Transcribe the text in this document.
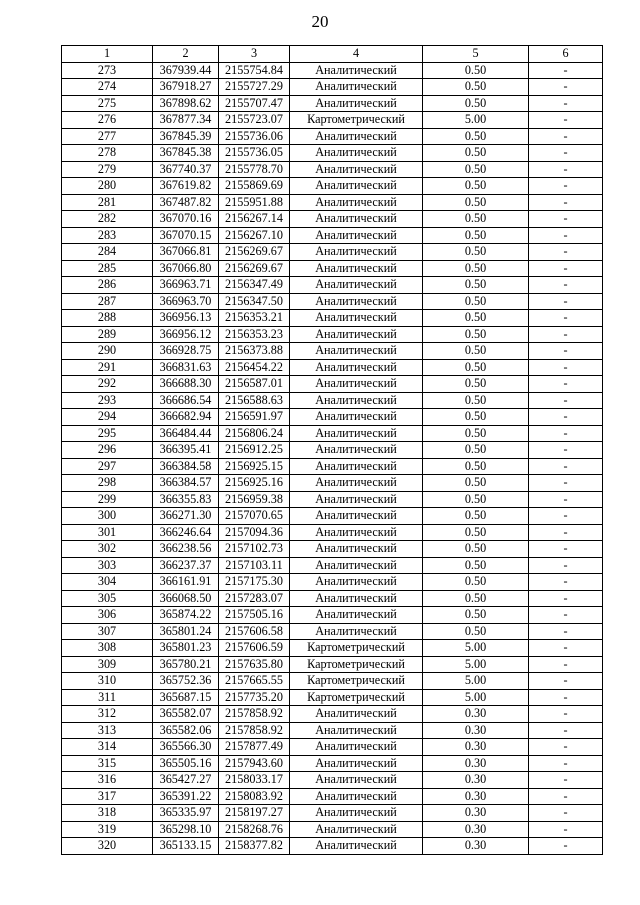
20
1	2	3	4	5	6
273	367939.44	2155754.84	Аналитический	0.50	-
274	367918.27	2155727.29	Аналитический	0.50	-
275	367898.62	2155707.47	Аналитический	0.50	-
276	367877.34	2155723.07	Картометрический	5.00	-
277	367845.39	2155736.06	Аналитический	0.50	-
278	367845.38	2155736.05	Аналитический	0.50	-
279	367740.37	2155778.70	Аналитический	0.50	-
280	367619.82	2155869.69	Аналитический	0.50	-
281	367487.82	2155951.88	Аналитический	0.50	-
282	367070.16	2156267.14	Аналитический	0.50	-
283	367070.15	2156267.10	Аналитический	0.50	-
284	367066.81	2156269.67	Аналитический	0.50	-
285	367066.80	2156269.67	Аналитический	0.50	-
286	366963.71	2156347.49	Аналитический	0.50	-
287	366963.70	2156347.50	Аналитический	0.50	-
288	366956.13	2156353.21	Аналитический	0.50	-
289	366956.12	2156353.23	Аналитический	0.50	-
290	366928.75	2156373.88	Аналитический	0.50	-
291	366831.63	2156454.22	Аналитический	0.50	-
292	366688.30	2156587.01	Аналитический	0.50	-
293	366686.54	2156588.63	Аналитический	0.50	-
294	366682.94	2156591.97	Аналитический	0.50	-
295	366484.44	2156806.24	Аналитический	0.50	-
296	366395.41	2156912.25	Аналитический	0.50	-
297	366384.58	2156925.15	Аналитический	0.50	-
298	366384.57	2156925.16	Аналитический	0.50	-
299	366355.83	2156959.38	Аналитический	0.50	-
300	366271.30	2157070.65	Аналитический	0.50	-
301	366246.64	2157094.36	Аналитический	0.50	-
302	366238.56	2157102.73	Аналитический	0.50	-
303	366237.37	2157103.11	Аналитический	0.50	-
304	366161.91	2157175.30	Аналитический	0.50	-
305	366068.50	2157283.07	Аналитический	0.50	-
306	365874.22	2157505.16	Аналитический	0.50	-
307	365801.24	2157606.58	Аналитический	0.50	-
308	365801.23	2157606.59	Картометрический	5.00	-
309	365780.21	2157635.80	Картометрический	5.00	-
310	365752.36	2157665.55	Картометрический	5.00	-
311	365687.15	2157735.20	Картометрический	5.00	-
312	365582.07	2157858.92	Аналитический	0.30	-
313	365582.06	2157858.92	Аналитический	0.30	-
314	365566.30	2157877.49	Аналитический	0.30	-
315	365505.16	2157943.60	Аналитический	0.30	-
316	365427.27	2158033.17	Аналитический	0.30	-
317	365391.22	2158083.92	Аналитический	0.30	-
318	365335.97	2158197.27	Аналитический	0.30	-
319	365298.10	2158268.76	Аналитический	0.30	-
320	365133.15	2158377.82	Аналитический	0.30	-
